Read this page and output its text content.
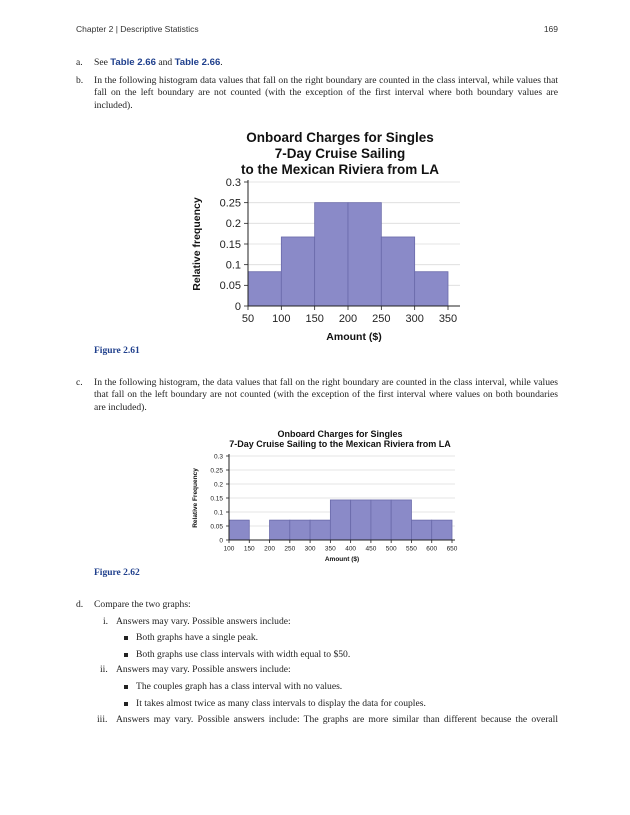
Chapter 2 | Descriptive Statistics	169
a. See Table 2.66 and Table 2.66.
b. In the following histogram data values that fall on the right boundary are counted in the class interval, while values that fall on the left boundary are not counted (with the exception of the first interval where both boundary values are included).
Onboard Charges for Singles
7-Day Cruise Sailing
to the Mexican Riviera from LA
0
0.05
0.1
0.15
0.2
0.25
0.3
50 100 150 200 250 300 350
Amount ($)
Relative frequency
Figure 2.61
c. In the following histogram, the data values that fall on the right boundary are counted in the class interval, while values that fall on the left boundary are not counted (with the exception of the first interval where values on both boundaries are included).
Onboard Charges for Singles
7-Day Cruise Sailing to the Mexican Riviera from LA
0
0.05
0.1
0.15
0.2
0.25
0.3
100 150 200 250 300 350 400 450 500 550 600 650
Amount ($)
Relative Frequency
Figure 2.62
d. Compare the two graphs:
i. Answers may vary. Possible answers include:
Both graphs have a single peak.
Both graphs use class intervals with width equal to $50.
ii. Answers may vary. Possible answers include:
The couples graph has a class interval with no values.
It takes almost twice as many class intervals to display the data for couples.
iii. Answers may vary. Possible answers include: The graphs are more similar than different because the overall
